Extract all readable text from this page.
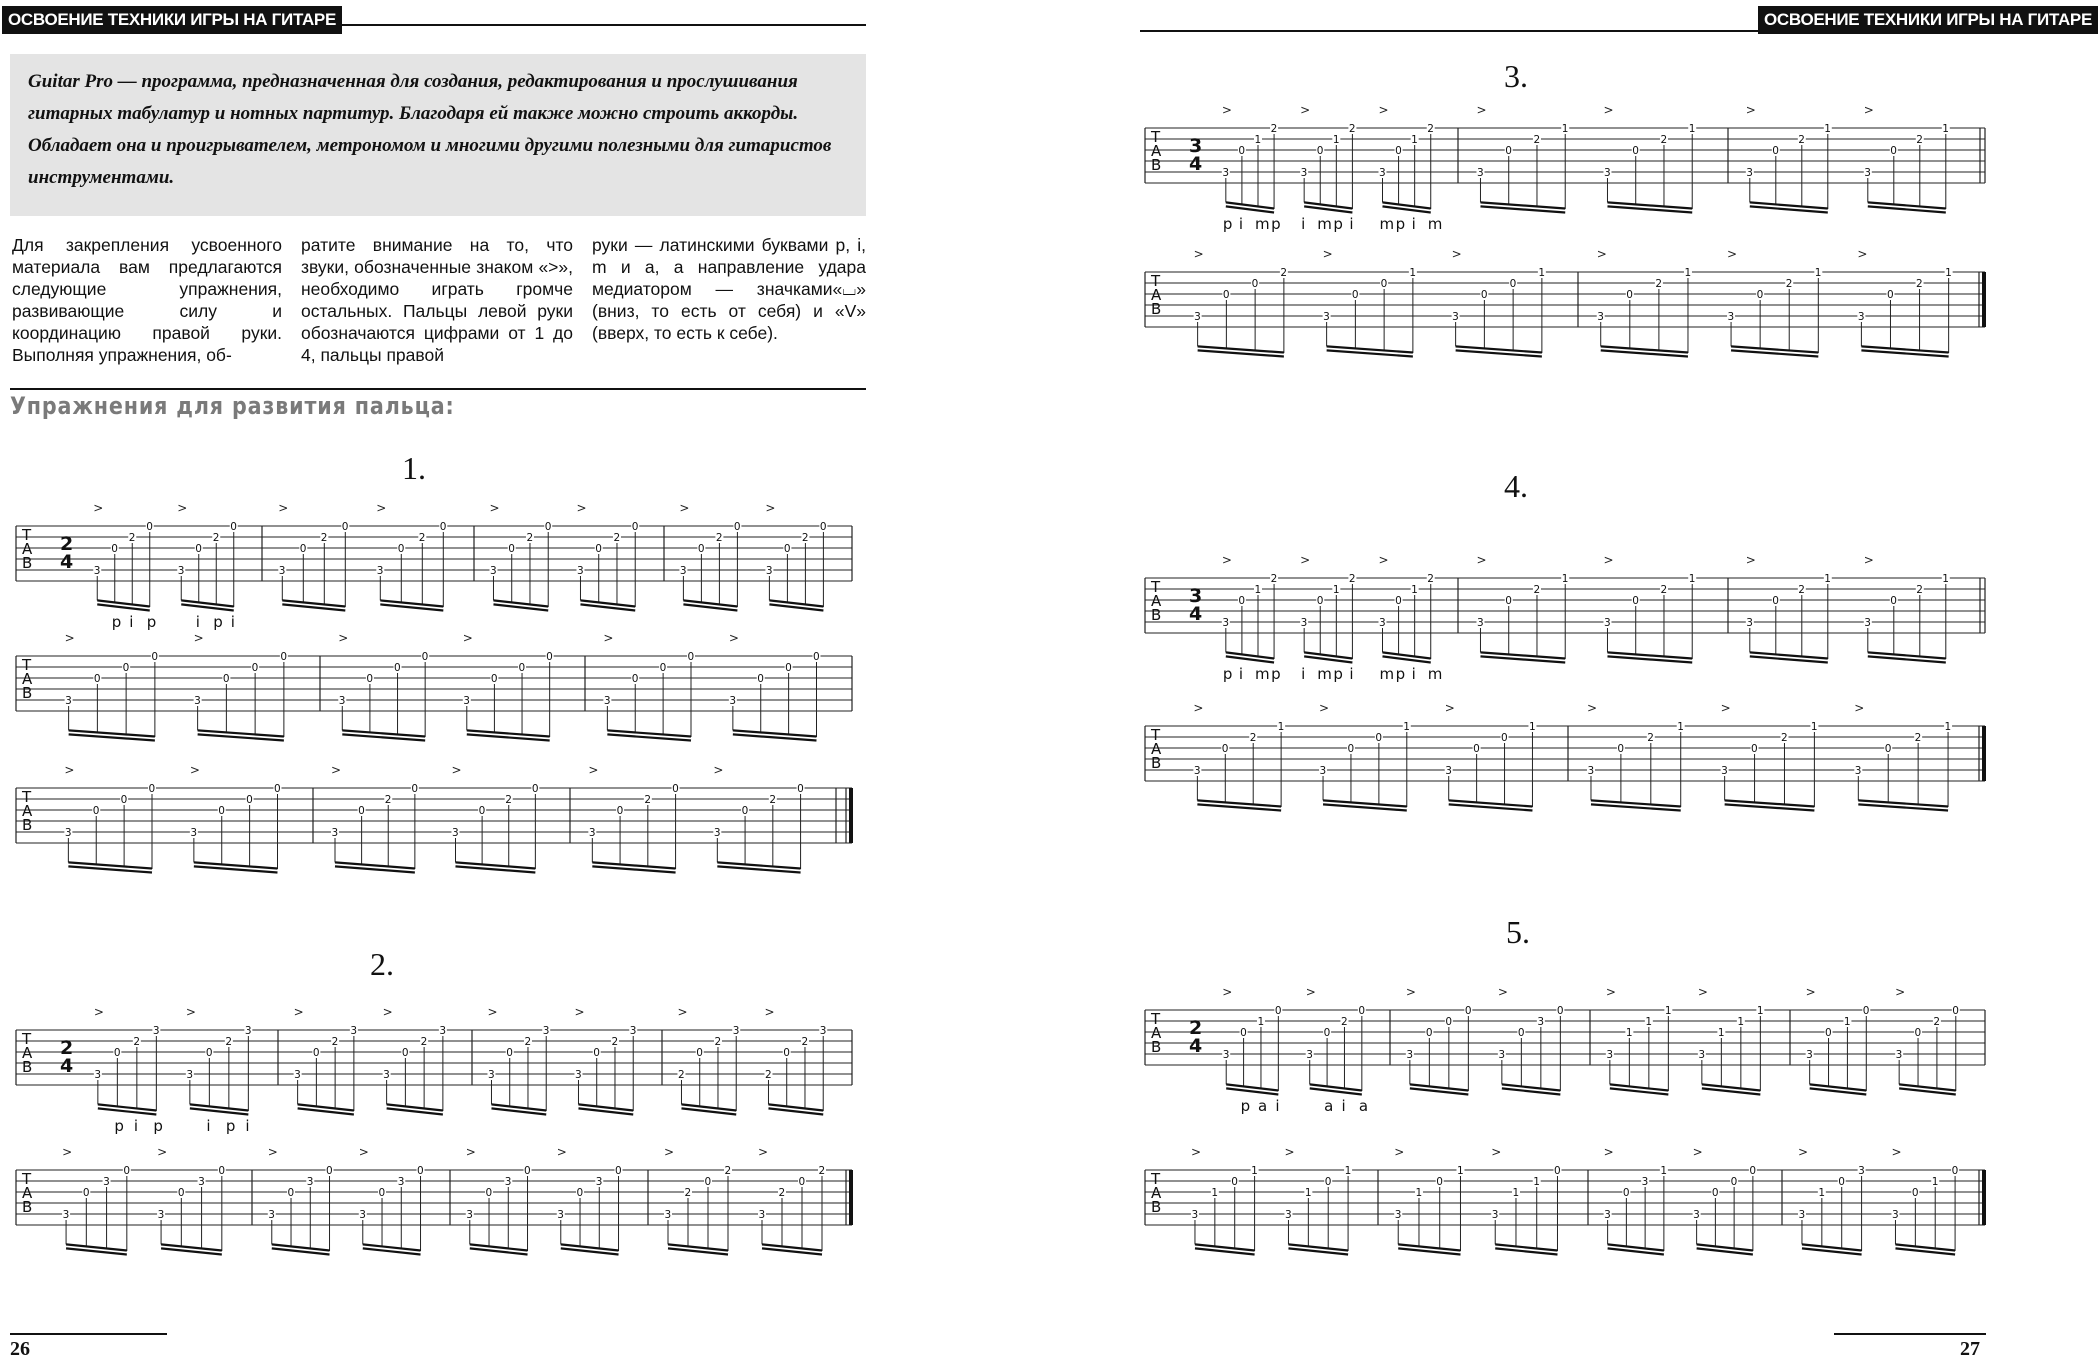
ОСВОЕНИЕ ТЕХНИКИ ИГРЫ НА ГИТАРЕ
Guitar Pro — программа, предназначенная для создания, редактирования и прослушивания гитарных табулатур и нотных партитур. Благодаря ей также можно строить аккорды. Обладает она и проигрывателем, метрономом и многими другими полезными для гитаристов инструментами.
Для закрепления усвоенного материала вам предлагаются следующие упражнения, развивающие силу и координацию правой руки. Выполняя упражнения, об-
ратите внимание на то, что звуки, обозначенные знаком «>», необходимо играть громче остальных. Пальцы левой руки обозначаются цифрами от 1 до 4, пальцы правой
руки — латинскими буквами p, i, m и a, а направление удара медиатором — значками«⌴» (вниз, то есть от себя) и «V» (вверх, то есть к себе).
Упражнения для развития пальца:
1.
2.
26
ОСВОЕНИЕ ТЕХНИКИ ИГРЫ НА ГИТАРЕ
3.
4.
5.
27
T
A
B
2
4 3
0
2
0
>
p i p
3
0
2
0
>
i p i
3
0
2
0
>
3
0
2
0
>
3
0
2
0
>
3
0
2
0
>
3
0
2
0
>
3
0
2
0
>
T
A
B	3
0
0
0
>
3
0
0
0
>
3
0
0
0
>
3
0
0
0
>
3
0
0
0
>
3
0
0
0
>
T
A
B	3
0
0
0
>
3
0
0
0
>
3
0
2
0
>
3
0
2
0
>
3
0
2
0
>
3
0
2
0
>
T
A
B
2
4 3
0
2
3
>
p i p
3
0
2
3
>
i p i
3
0
2
3
>
3
0
2
3
>
3
0
2
3
>
3
0
2
3
>
2
0
2
3
>
2
0
2
3
>
T
A
B	3
0
3
0
>
3
0
3
0
>
3
0
3
0
>
3
0
3
0
>
3
0
3
0
>
3
0
3
0
>
3
2
0
2
>
3
2
0
2
>
T
A
B
3
4 3
0
1
2
>
p i m p
3
0
1
2
>
i m p i
3
0
1
2
>
m p i m
3
0
2
1
>
3
0
2
1
>
3
0
2
1
>
3
0
2
1
>
T
A
B	3
0
0
2
>
3
0
0
1
>
3
0
0
1
>
3
0
2
1
>
3
0
2
1
>
3
0
2
1
>
T
A
B
3
4 3
0
1
2
>
p i m p
3
0
1
2
>
i m p i
3
0
1
2
>
m p i m
3
0
2
1
>
3
0
2
1
>
3
0
2
1
>
3
0
2
1
>
T
A
B	3
0
2
1
>
3
0
0
1
>
3
0
0
1
>
3
0
2
1
>
3
0
2
1
>
3
0
2
1
>
T
A
B
2
4 3
0
1
0
>
p a i
3
0
2
0
>
a i a
3
0
0
0
>
3
0
3
0
>
3
1
1
1
>
3
1
1
1
>
3
0
1
0
>
3
0
2
0
>
T
A
B	3
1
0
1
>
3
1
0
1
>
3
1
0
1
>
3
1
1
0
>
3
0
3
1
>
3
0
0
0
>
3
1
0
3
>
3
0
1
0
>
